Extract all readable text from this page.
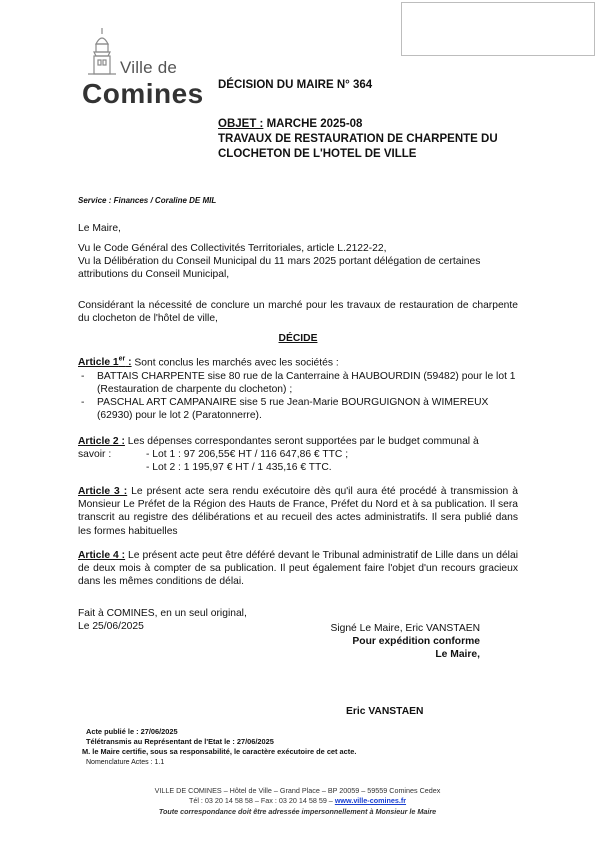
Ville de
Comines DÉCISION DU MAIRE N° 364
OBJET : MARCHE 2025-08
TRAVAUX DE RESTAURATION DE CHARPENTE DU
CLOCHETON DE L'HOTEL DE VILLE
Service : Finances / Coraline DE MIL
Le Maire,
Vu le Code Général des Collectivités Territoriales, article L.2122-22,
Vu la Délibération du Conseil Municipal du 11 mars 2025 portant délégation de certaines attributions du Conseil Municipal,
Considérant la nécessité de conclure un marché pour les travaux de restauration de charpente du clocheton de l'hôtel de ville,
DÉCIDE
Article 1er : Sont conclus les marchés avec les sociétés :
- BATTAIS CHARPENTE sise 80 rue de la Canterraine à HAUBOURDIN (59482) pour le lot 1 (Restauration de charpente du clocheton) ;
- PASCHAL ART CAMPANAIRE sise 5 rue Jean-Marie BOURGUIGNON à WIMEREUX (62930) pour le lot 2 (Paratonnerre).
Article 2 : Les dépenses correspondantes seront supportées par le budget communal à
savoir :	- Lot 1 : 97 206,55€ HT / 116 647,86 € TTC ;
- Lot 2 : 1 195,97 € HT / 1 435,16 € TTC.
Article 3 : Le présent acte sera rendu exécutoire dès qu'il aura été procédé à transmission à Monsieur Le Préfet de la Région des Hauts de France, Préfet du Nord et à sa publication. Il sera transcrit au registre des délibérations et au recueil des actes administratifs. Il sera publié dans les formes habituelles
Article 4 : Le présent acte peut être déféré devant le Tribunal administratif de Lille dans un délai de deux mois à compter de sa publication. Il peut également faire l'objet d'un recours gracieux dans les mêmes conditions de délai.
Fait à COMINES, en un seul original,
Le 25/06/2025	Signé Le Maire, Eric VANSTAEN
Pour expédition conforme
Le Maire,
Eric VANSTAEN
Acte publié le : 27/06/2025
Télétransmis au Représentant de l'Etat le : 27/06/2025
M. le Maire certifie, sous sa responsabilité, le caractère exécutoire de cet acte.
Nomenclature Actes : 1.1
VILLE DE COMINES – Hôtel de Ville – Grand Place – BP 20059 – 59559 Comines Cedex
Tél : 03 20 14 58 58 – Fax : 03 20 14 58 59 – www.ville-comines.fr
Toute correspondance doit être adressée impersonnellement à Monsieur le Maire
